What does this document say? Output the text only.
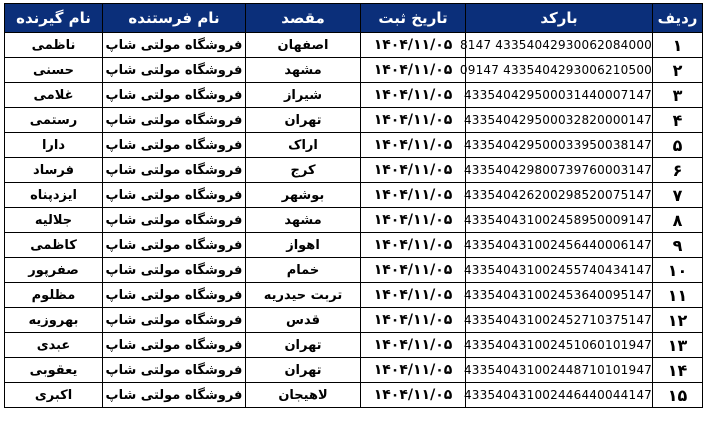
ردیف	بارکد	تاریخ ثبت	مقصد	نام فرستنده	نام گیرنده
۱	43354042930062084000 8147	۱۴۰۴/۱۱/۰۵	اصفهان	فروشگاه مولتی شاپ	ناظمی
۲	4335404293006210500 09147	۱۴۰۴/۱۱/۰۵	مشهد	فروشگاه مولتی شاپ	حسنی
۳	433540429500031440007147	۱۴۰۴/۱۱/۰۵	شیراز	فروشگاه مولتی شاپ	غلامی
۴	433540429500032820000147	۱۴۰۴/۱۱/۰۵	تهران	فروشگاه مولتی شاپ	رستمی
۵	433540429500033950038147	۱۴۰۴/۱۱/۰۵	اراک	فروشگاه مولتی شاپ	دارا
۶	433540429800739760003147	۱۴۰۴/۱۱/۰۵	کرج	فروشگاه مولتی شاپ	فرساد
۷	433540426200298520075147	۱۴۰۴/۱۱/۰۵	بوشهر	فروشگاه مولتی شاپ	ایزدپناه
۸	433540431002458950009147	۱۴۰۴/۱۱/۰۵	مشهد	فروشگاه مولتی شاپ	جلالیه
۹	433540431002456440006147	۱۴۰۴/۱۱/۰۵	اهواز	فروشگاه مولتی شاپ	کاظمی
۱۰	433540431002455740434147	۱۴۰۴/۱۱/۰۵	خمام	فروشگاه مولتی شاپ	صفرپور
۱۱	433540431002453640095147	۱۴۰۴/۱۱/۰۵	تربت حیدریه	فروشگاه مولتی شاپ	مظلوم
۱۲	433540431002452710375147	۱۴۰۴/۱۱/۰۵	قدس	فروشگاه مولتی شاپ	بهروزیه
۱۳	433540431002451060101947	۱۴۰۴/۱۱/۰۵	تهران	فروشگاه مولتی شاپ	عبدی
۱۴	433540431002448710101947	۱۴۰۴/۱۱/۰۵	تهران	فروشگاه مولتی شاپ	یعقوبی
۱۵	433540431002446440044147	۱۴۰۴/۱۱/۰۵	لاهیجان	فروشگاه مولتی شاپ	اکبری
